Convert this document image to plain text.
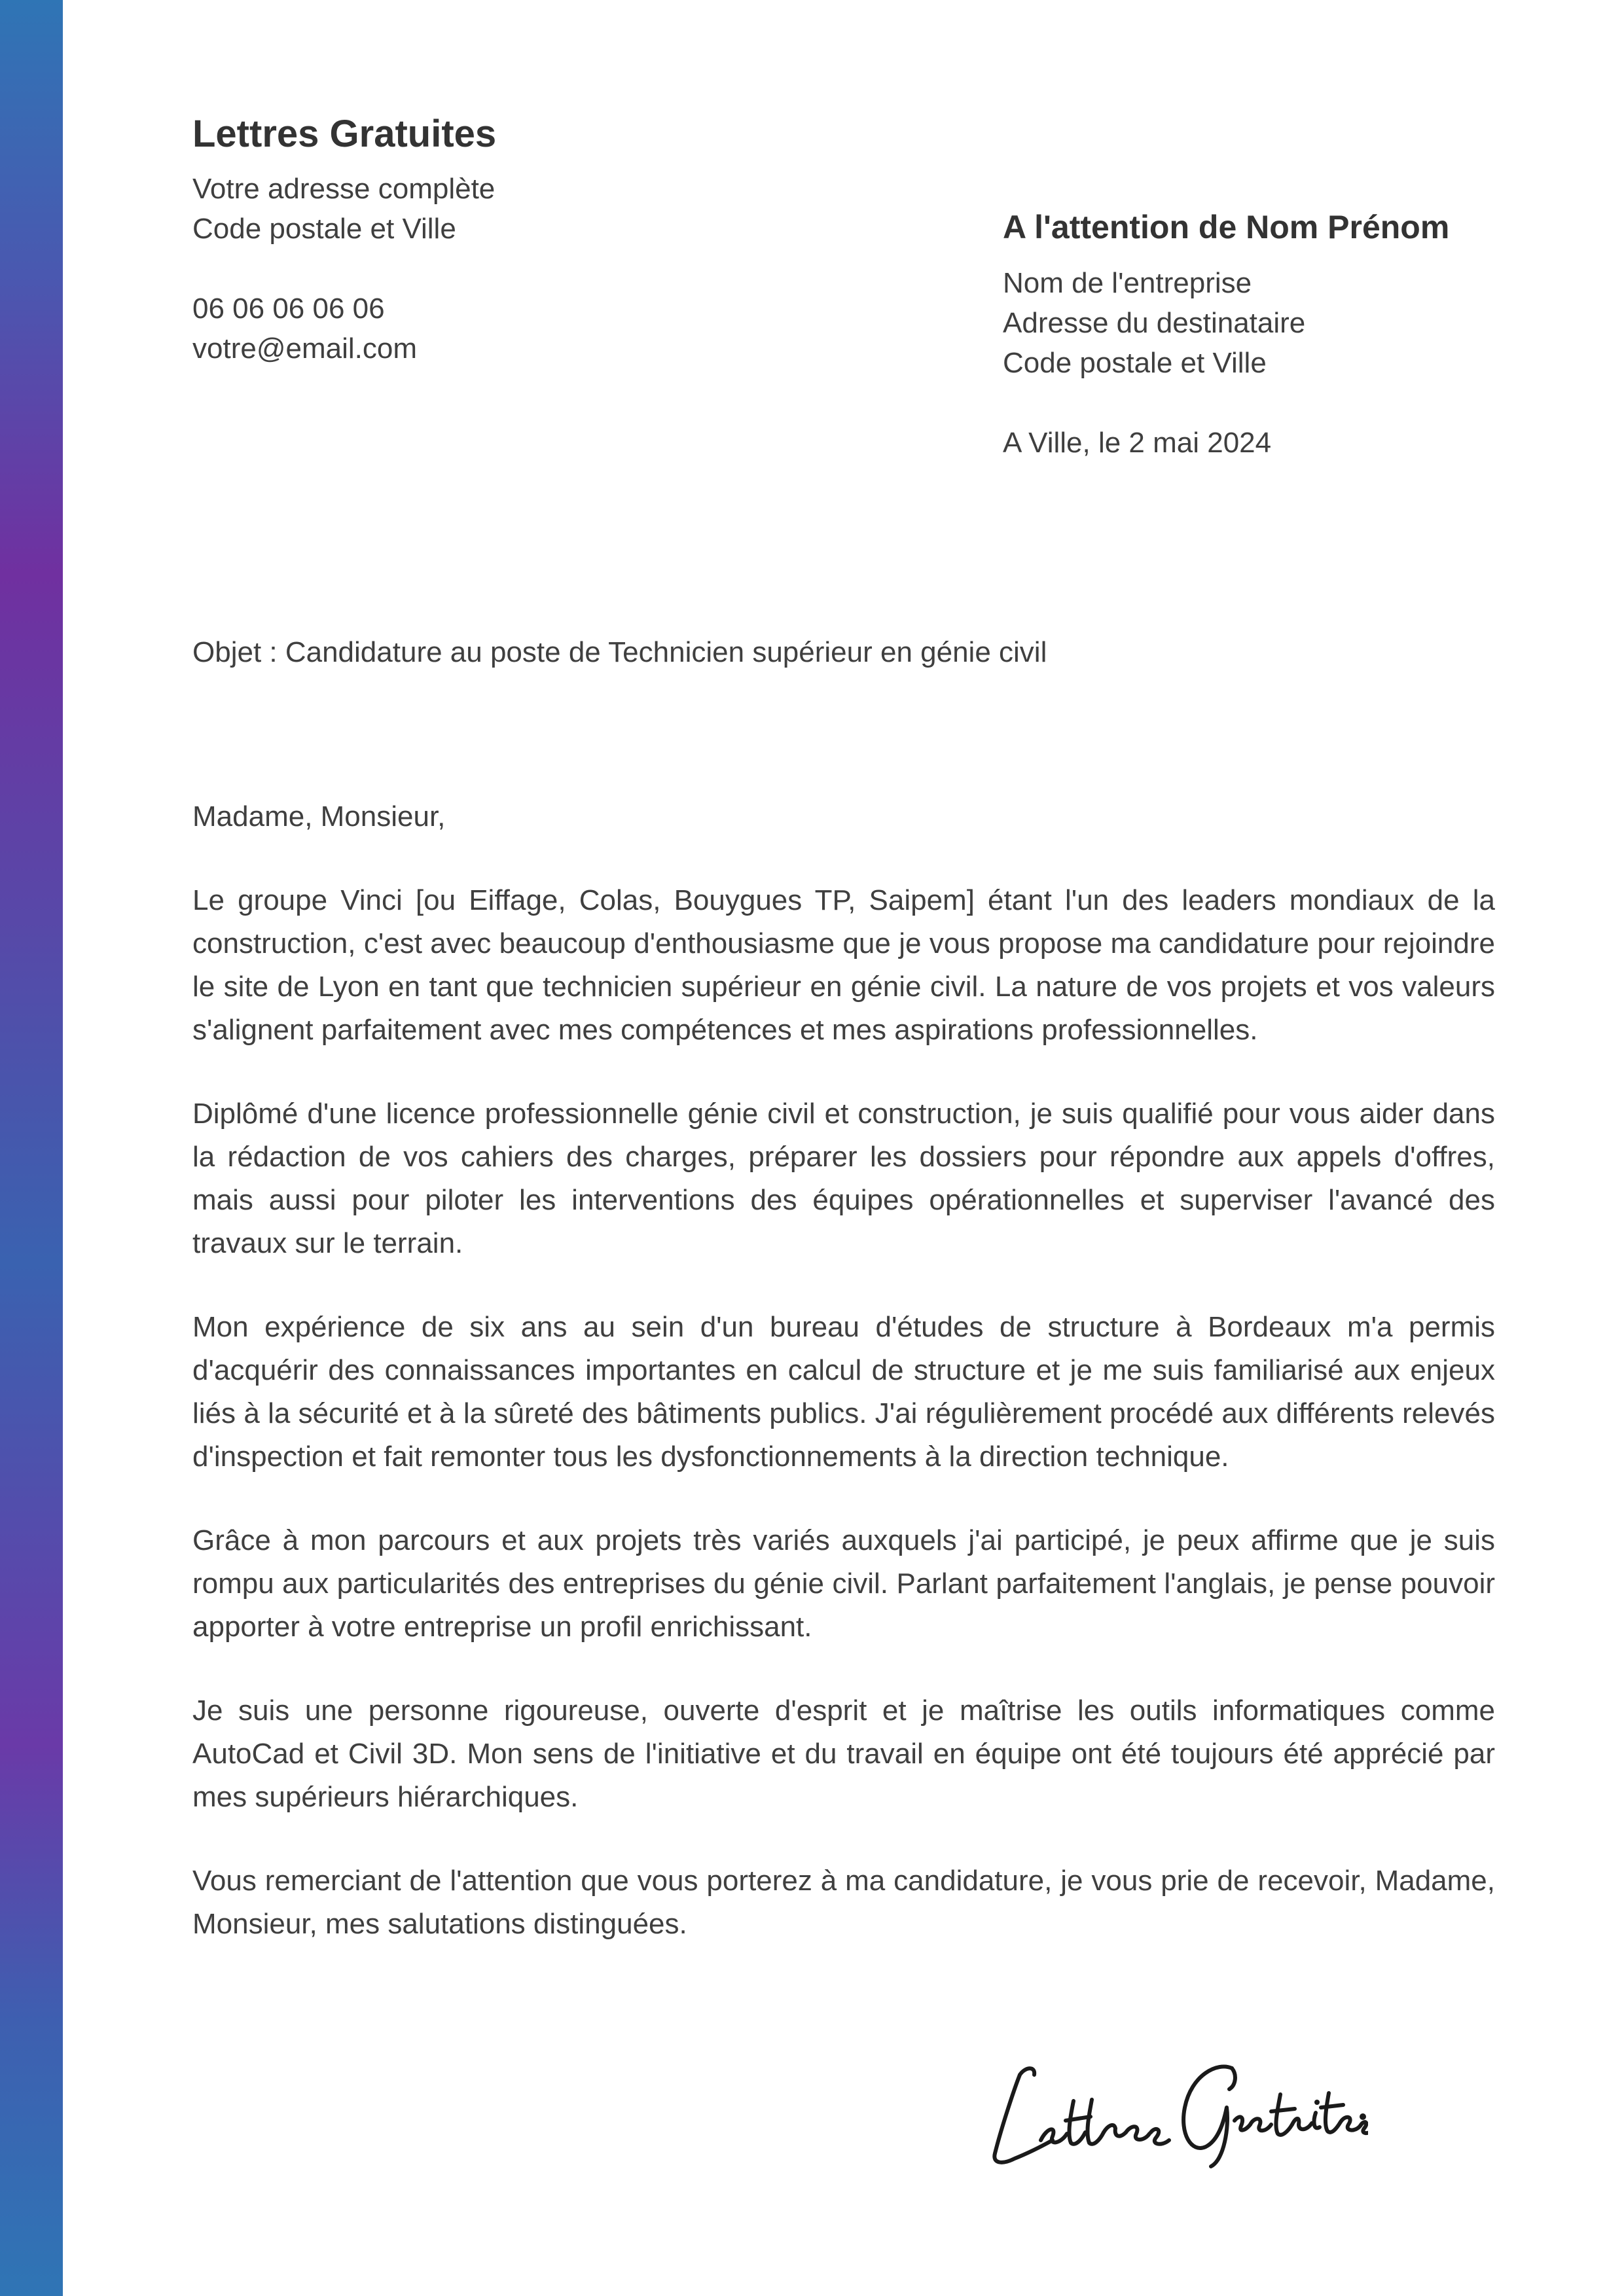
Lettres Gratuites
Votre adresse complète
Code postale et Ville
06 06 06 06 06
votre@email.com
A l'attention de Nom Prénom
Nom de l'entreprise
Adresse du destinataire
Code postale et Ville
A Ville, le 2 mai 2024
Objet : Candidature au poste de Technicien supérieur en génie civil

Madame, Monsieur,

Le groupe Vinci [ou Eiffage, Colas, Bouygues TP, Saipem] étant l'un des leaders mondiaux de la construction, c'est avec beaucoup d'enthousiasme que je vous propose ma candidature pour rejoindre le site de Lyon en tant que technicien supérieur en génie civil. La nature de vos projets et vos valeurs s'alignent parfaitement avec mes compétences et mes aspirations professionnelles.

Diplômé d'une licence professionnelle génie civil et construction, je suis qualifié pour vous aider dans la rédaction de vos cahiers des charges, préparer les dossiers pour répondre aux appels d'offres, mais aussi pour piloter les interventions des équipes opérationnelles et superviser l'avancé des travaux sur le terrain.

Mon expérience de six ans au sein d'un bureau d'études de structure à Bordeaux m'a permis d'acquérir des connaissances importantes en calcul de structure et je me suis familiarisé aux enjeux liés à la sécurité et à la sûreté des bâtiments publics. J'ai régulièrement procédé aux différents relevés d'inspection et fait remonter tous les dysfonctionnements à la direction technique.

Grâce à mon parcours et aux projets très variés auxquels j'ai participé, je peux affirme que je suis rompu aux particularités des entreprises du génie civil. Parlant parfaitement l'anglais, je pense pouvoir apporter à votre entreprise un profil enrichissant.

Je suis une personne rigoureuse, ouverte d'esprit et je maîtrise les outils informatiques comme AutoCad et Civil 3D. Mon sens de l'initiative et du travail en équipe ont été toujours été apprécié par mes supérieurs hiérarchiques.

Vous remerciant de l'attention que vous porterez à ma candidature, je vous prie de recevoir, Madame, Monsieur, mes salutations distinguées.
